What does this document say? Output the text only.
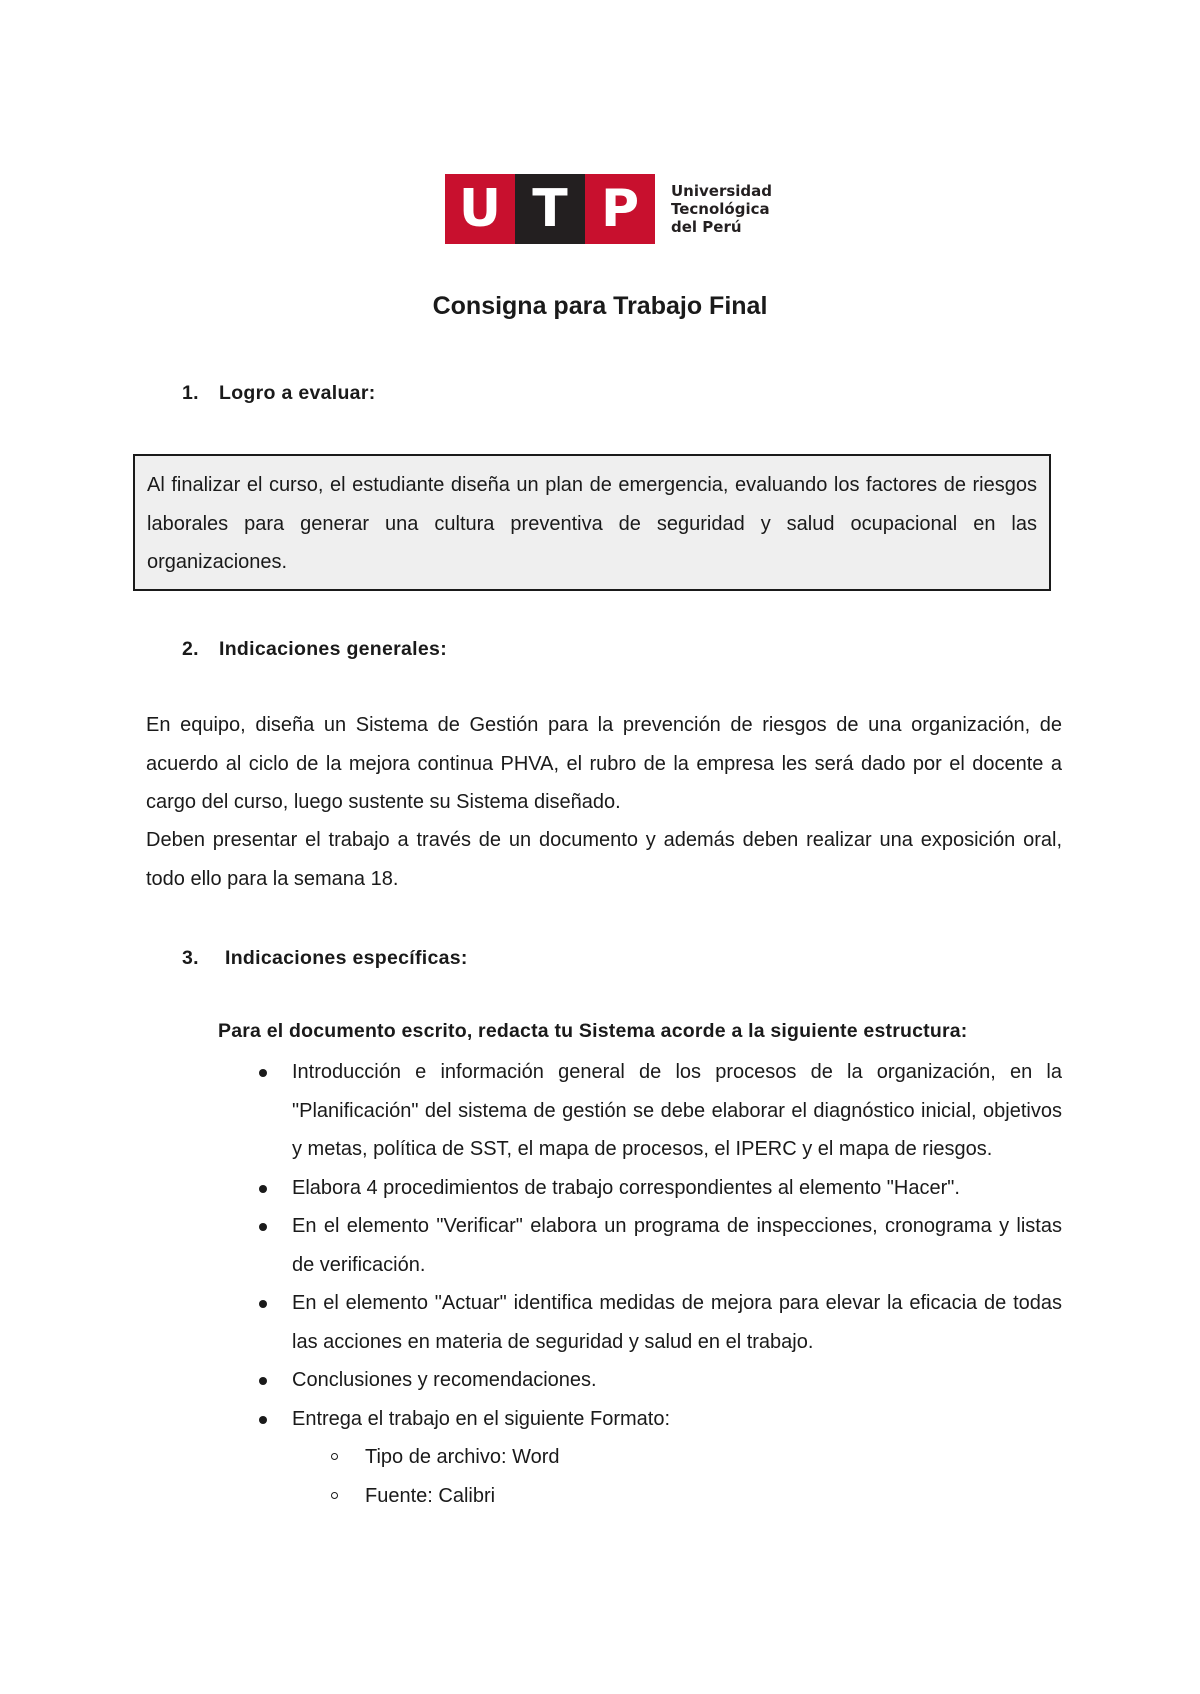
U T P	Universidad
Tecnológica
del Perú
Consigna para Trabajo Final
1. Logro a evaluar:
Al finalizar el curso, el estudiante diseña un plan de emergencia, evaluando los factores de riesgos laborales para generar una cultura preventiva de seguridad y salud ocupacional en las organizaciones.
2. Indicaciones generales:

En equipo, diseña un Sistema de Gestión para la prevención de riesgos de una organización, de acuerdo al ciclo de la mejora continua PHVA, el rubro de la empresa les será dado por el docente a cargo del curso, luego sustente su Sistema diseñado.

Deben presentar el trabajo a través de un documento y además deben realizar una exposición oral, todo ello para la semana 18.

3. Indicaciones específicas:
Para el documento escrito, redacta tu Sistema acorde a la siguiente estructura:
Introducción e información general de los procesos de la organización, en la "Planificación" del sistema de gestión se debe elaborar el diagnóstico inicial, objetivos y metas, política de SST, el mapa de procesos, el IPERC y el mapa de riesgos.
Elabora 4 procedimientos de trabajo correspondientes al elemento "Hacer".
En el elemento "Verificar" elabora un programa de inspecciones, cronograma y listas de verificación.
En el elemento "Actuar" identifica medidas de mejora para elevar la eficacia de todas las acciones en materia de seguridad y salud en el trabajo.
Conclusiones y recomendaciones.
Entrega el trabajo en el siguiente Formato:
Tipo de archivo: Word
Fuente: Calibri
